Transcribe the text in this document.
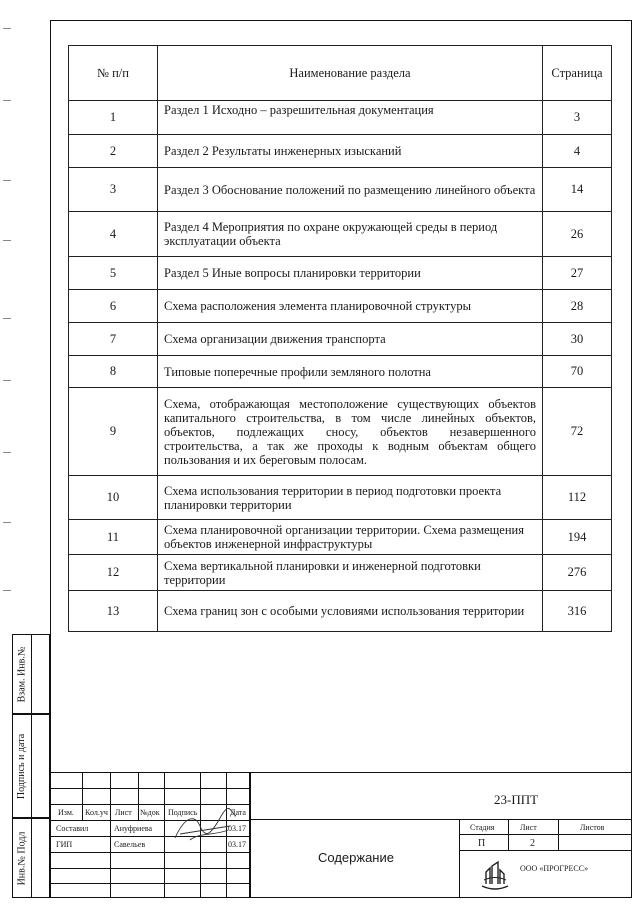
Взам. Инв.№
Подпись и дата
Инв.№ Подл
№ п/п	Наименование раздела	Страница
1	Раздел 1 Исходно – разрешительная документация	3
2	Раздел 2 Результаты инженерных изысканий	4
3	Раздел 3 Обоснование положений по размещению линейного объекта	14
4	Раздел 4 Мероприятия по охране окружающей среды в период эксплуатации объекта	26
5	Раздел 5 Иные вопросы планировки территории	27
6	Схема расположения элемента планировочной структуры	28
7	Схема организации движения транспорта	30
8	Типовые поперечные профили земляного полотна	70
9	Схема, отображающая местоположение существующих объектов капитального строительства, в том числе линейных объектов, объектов, подлежащих сносу, объектов незавершенного строительства, а так же проходы к водным объектам общего пользования и их береговым полосам.	72
10	Схема использования территории в период подготовки проекта планировки территории	112
11	Схема планировочной организации территории. Схема размещения объектов инженерной инфраструктуры	194
12	Схема вертикальной планировки и инженерной подготовки территории	276
13	Схема границ зон с особыми условиями использования территории	316
Изм. Кол.уч Лист №док Подпись	Дата
Составил	Ануфриева	03.17
ГИП	Савельев	03.17
Стадия	Лист	Листов
П	2
23-ППТ
Содержание
ООО «ПРОГРЕСС»
